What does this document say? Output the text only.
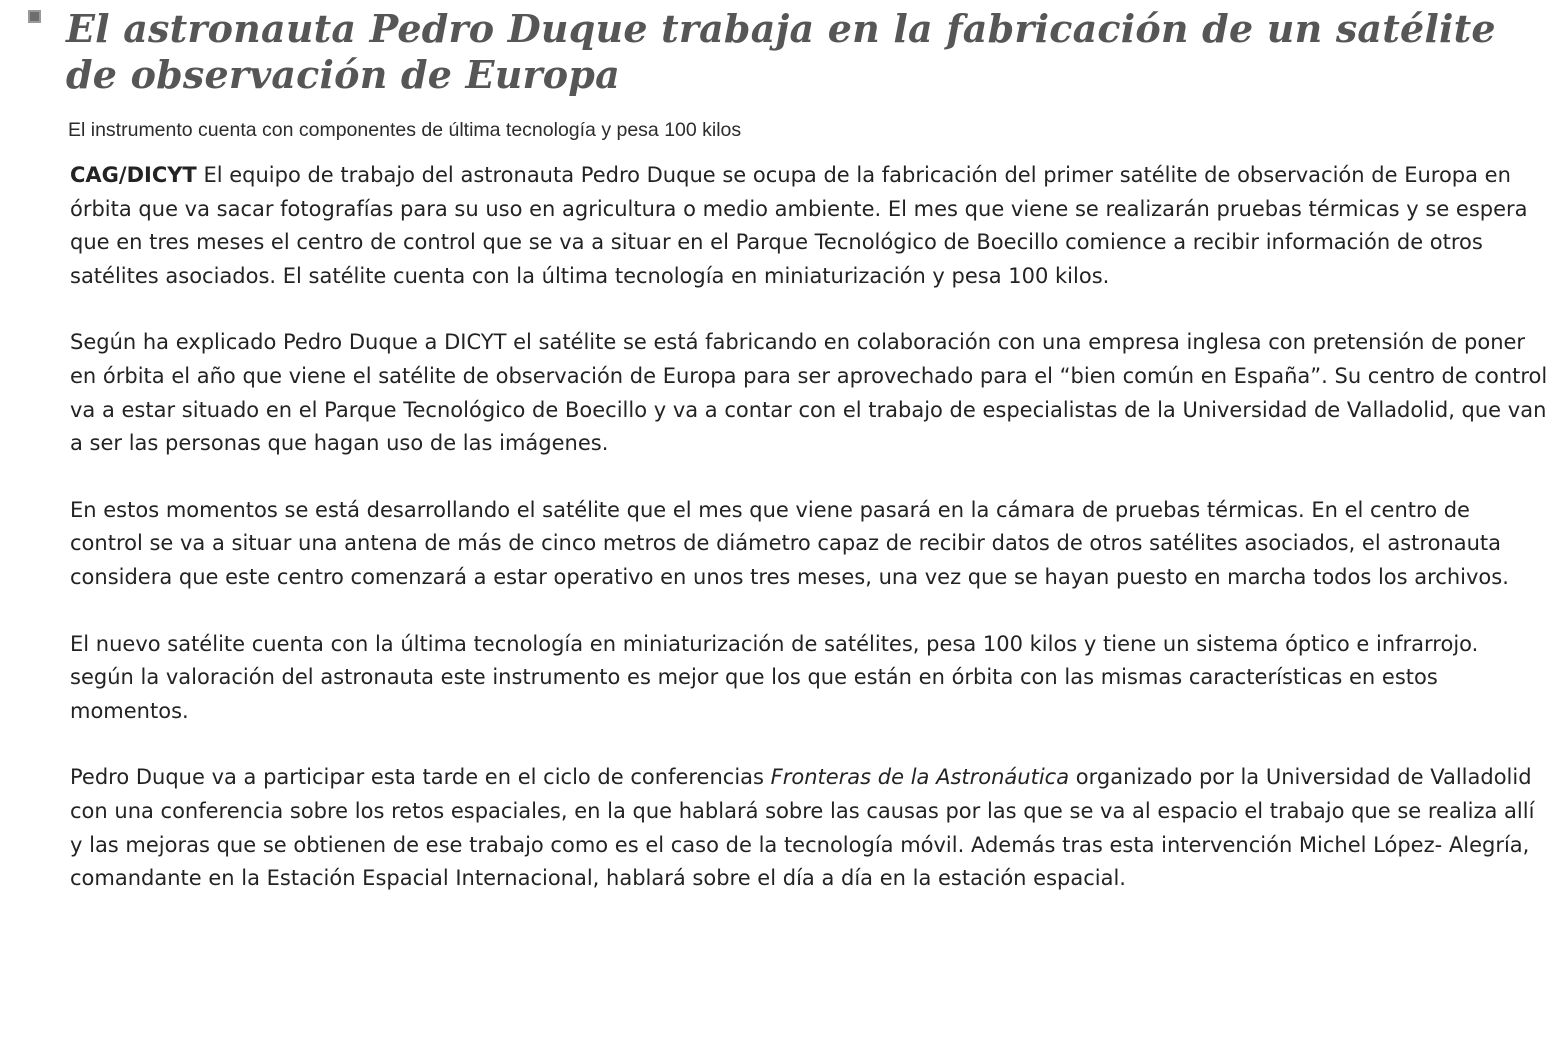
El astronauta Pedro Duque trabaja en la fabricación de un satélite de observación de Europa
El instrumento cuenta con componentes de última tecnología y pesa 100 kilos

CAG/DICYT El equipo de trabajo del astronauta Pedro Duque se ocupa de la fabricación del primer satélite de observación de Europa en órbita que va sacar fotografías para su uso en agricultura o medio ambiente. El mes que viene se realizarán pruebas térmicas y se espera que en tres meses el centro de control que se va a situar en el Parque Tecnológico de Boecillo comience a recibir información de otros satélites asociados. El satélite cuenta con la última tecnología en miniaturización y pesa 100 kilos.

Según ha explicado Pedro Duque a DICYT el satélite se está fabricando en colaboración con una empresa inglesa con pretensión de poner en órbita el año que viene el satélite de observación de Europa para ser aprovechado para el “bien común en España”. Su centro de control va a estar situado en el Parque Tecnológico de Boecillo y va a contar con el trabajo de especialistas de la Universidad de Valladolid, que van a ser las personas que hagan uso de las imágenes.

En estos momentos se está desarrollando el satélite que el mes que viene pasará en la cámara de pruebas térmicas. En el centro de control se va a situar una antena de más de cinco metros de diámetro capaz de recibir datos de otros satélites asociados, el astronauta considera que este centro comenzará a estar operativo en unos tres meses, una vez que se hayan puesto en marcha todos los archivos.

El nuevo satélite cuenta con la última tecnología en miniaturización de satélites, pesa 100 kilos y tiene un sistema óptico e infrarrojo. según la valoración del astronauta este instrumento es mejor que los que están en órbita con las mismas características en estos momentos.

Pedro Duque va a participar esta tarde en el ciclo de conferencias Fronteras de la Astronáutica organizado por la Universidad de Valladolid con una conferencia sobre los retos espaciales, en la que hablará sobre las causas por las que se va al espacio el trabajo que se realiza allí y las mejoras que se obtienen de ese trabajo como es el caso de la tecnología móvil. Además tras esta intervención Michel López- Alegría, comandante en la Estación Espacial Internacional, hablará sobre el día a día en la estación espacial.
